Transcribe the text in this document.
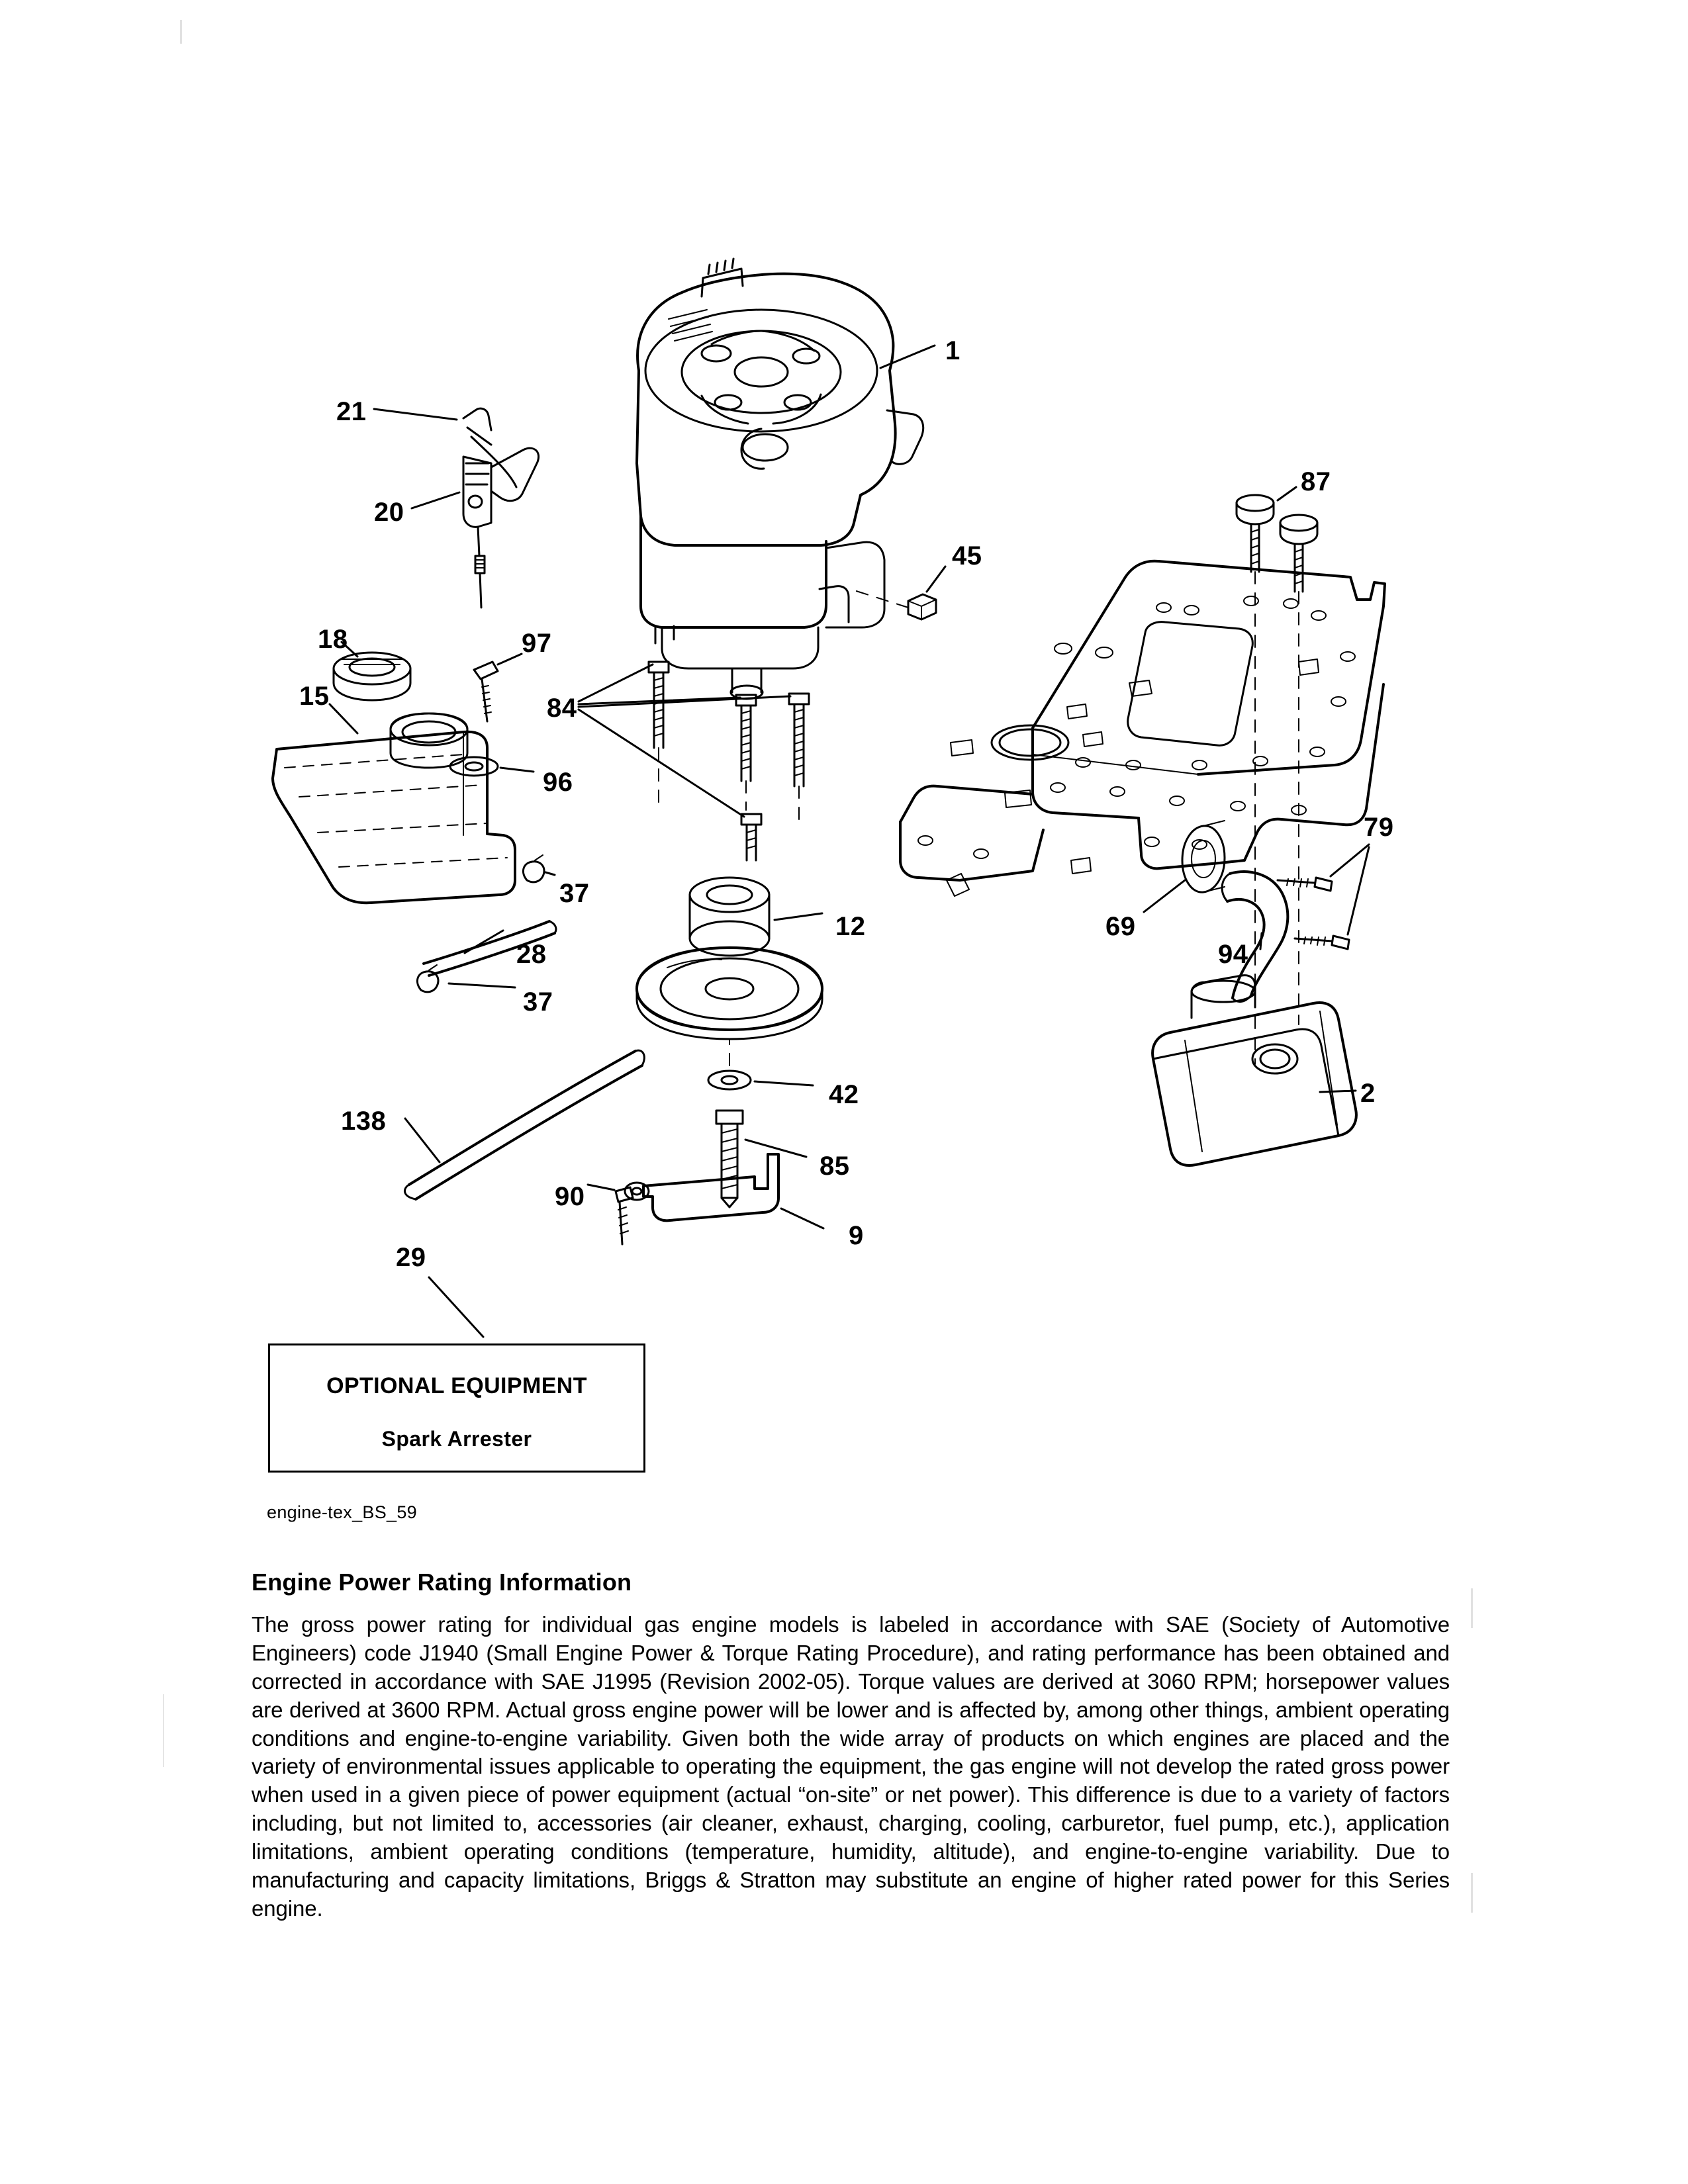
1
21
20
87
45
18	97
15	84
96
79
37
12	69
28	94
37
138
42
85
2
90
9
29
OPTIONAL EQUIPMENT
Spark Arrester
engine-tex_BS_59
Engine Power Rating Information

The gross power rating for individual gas engine models is labeled in accordance with SAE (Society of Automotive Engineers) code J1940 (Small Engine Power & Torque Rating Procedure), and rating performance has been obtained and corrected in accordance with SAE J1995 (Revision 2002-05). Torque values are derived at 3060 RPM; horsepower values are derived at 3600 RPM. Actual gross engine power will be lower and is affected by, among other things, ambient operating conditions and engine-to-engine variability. Given both the wide array of products on which engines are placed and the variety of environmental issues applicable to operating the equipment, the gas engine will not develop the rated gross power when used in a given piece of power equipment (actual “on-site” or net power). This difference is due to a variety of factors including, but not limited to, accessories (air cleaner, exhaust, charging, cooling, carburetor, fuel pump, etc.), application limitations, ambient operating conditions (temperature, humidity, altitude), and engine-to-engine variability. Due to manufacturing and capacity limitations, Briggs & Stratton may substitute an engine of higher rated power for this Series engine.
